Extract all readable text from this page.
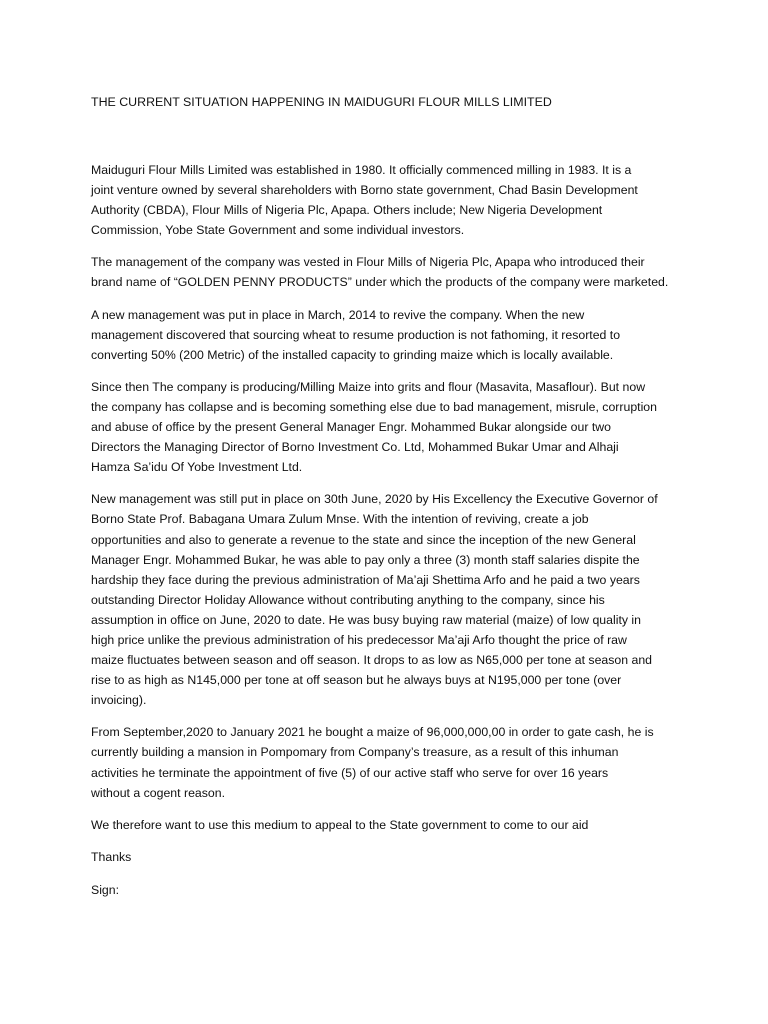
THE CURRENT SITUATION HAPPENING IN MAIDUGURI FLOUR MILLS LIMITED

Maiduguri Flour Mills Limited was established in 1980. It officially commenced milling in 1983. It is a
joint venture owned by several shareholders with Borno state government, Chad Basin Development
Authority (CBDA), Flour Mills of Nigeria Plc, Apapa. Others include; New Nigeria Development
Commission, Yobe State Government and some individual investors.

The management of the company was vested in Flour Mills of Nigeria Plc, Apapa who introduced their
brand name of “GOLDEN PENNY PRODUCTS” under which the products of the company were marketed.

A new management was put in place in March, 2014 to revive the company. When the new
management discovered that sourcing wheat to resume production is not fathoming, it resorted to
converting 50% (200 Metric) of the installed capacity to grinding maize which is locally available.

Since then The company is producing/Milling Maize into grits and flour (Masavita, Masaflour). But now
the company has collapse and is becoming something else due to bad management, misrule, corruption
and abuse of office by the present General Manager Engr. Mohammed Bukar alongside our two
Directors the Managing Director of Borno Investment Co. Ltd, Mohammed Bukar Umar and Alhaji
Hamza Sa’idu Of Yobe Investment Ltd.

New management was still put in place on 30th June, 2020 by His Excellency the Executive Governor of
Borno State Prof. Babagana Umara Zulum Mnse. With the intention of reviving, create a job
opportunities and also to generate a revenue to the state and since the inception of the new General
Manager Engr. Mohammed Bukar, he was able to pay only a three (3) month staff salaries dispite the
hardship they face during the previous administration of Ma’aji Shettima Arfo and he paid a two years
outstanding Director Holiday Allowance without contributing anything to the company, since his
assumption in office on June, 2020 to date. He was busy buying raw material (maize) of low quality in
high price unlike the previous administration of his predecessor Ma’aji Arfo thought the price of raw
maize fluctuates between season and off season. It drops to as low as N65,000 per tone at season and
rise to as high as N145,000 per tone at off season but he always buys at N195,000 per tone (over
invoicing).

From September,2020 to January 2021 he bought a maize of 96,000,000,00 in order to gate cash, he is
currently building a mansion in Pompomary from Company’s treasure, as a result of this inhuman
activities he terminate the appointment of five (5) of our active staff who serve for over 16 years
without a cogent reason.

We therefore want to use this medium to appeal to the State government to come to our aid

Thanks
Sign:
